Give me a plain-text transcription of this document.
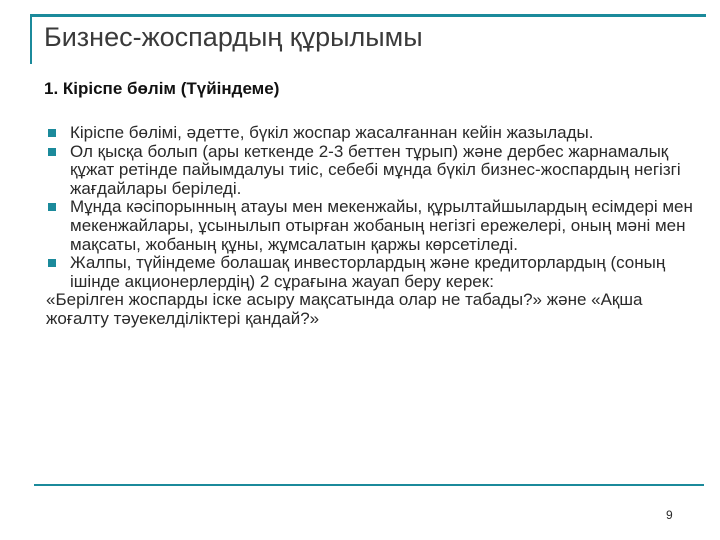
Бизнес-жоспардың құрылымы
1. Кіріспе бөлім (Түйіндеме)
Кіріспе бөлімі, әдетте, бүкіл жоспар жасалғаннан кейін жазылады.
Ол қысқа болып (ары кеткенде 2-3 беттен тұрып) және дербес жарнамалық құжат ретінде пайымдалуы тиіс, себебі мұнда бүкіл бизнес-жоспардың негізгі жағдайлары беріледі.
Мұнда кәсіпорынның атауы мен мекенжайы, құрылтайшылардың есімдері мен мекенжайлары, ұсынылып отырған жобаның негізгі ережелері, оның мәні мен мақсаты, жобаның құны, жұмсалатын қаржы көрсетіледі.
Жалпы, түйіндеме болашақ инвесторлардың және кредиторлардың (соның ішінде акционерлердің) 2 сұрағына жауап беру керек:

«Берілген жоспарды іске асыру мақсатында олар не табады?» және «Ақша жоғалту тәуекелділіктері қандай?»

9
